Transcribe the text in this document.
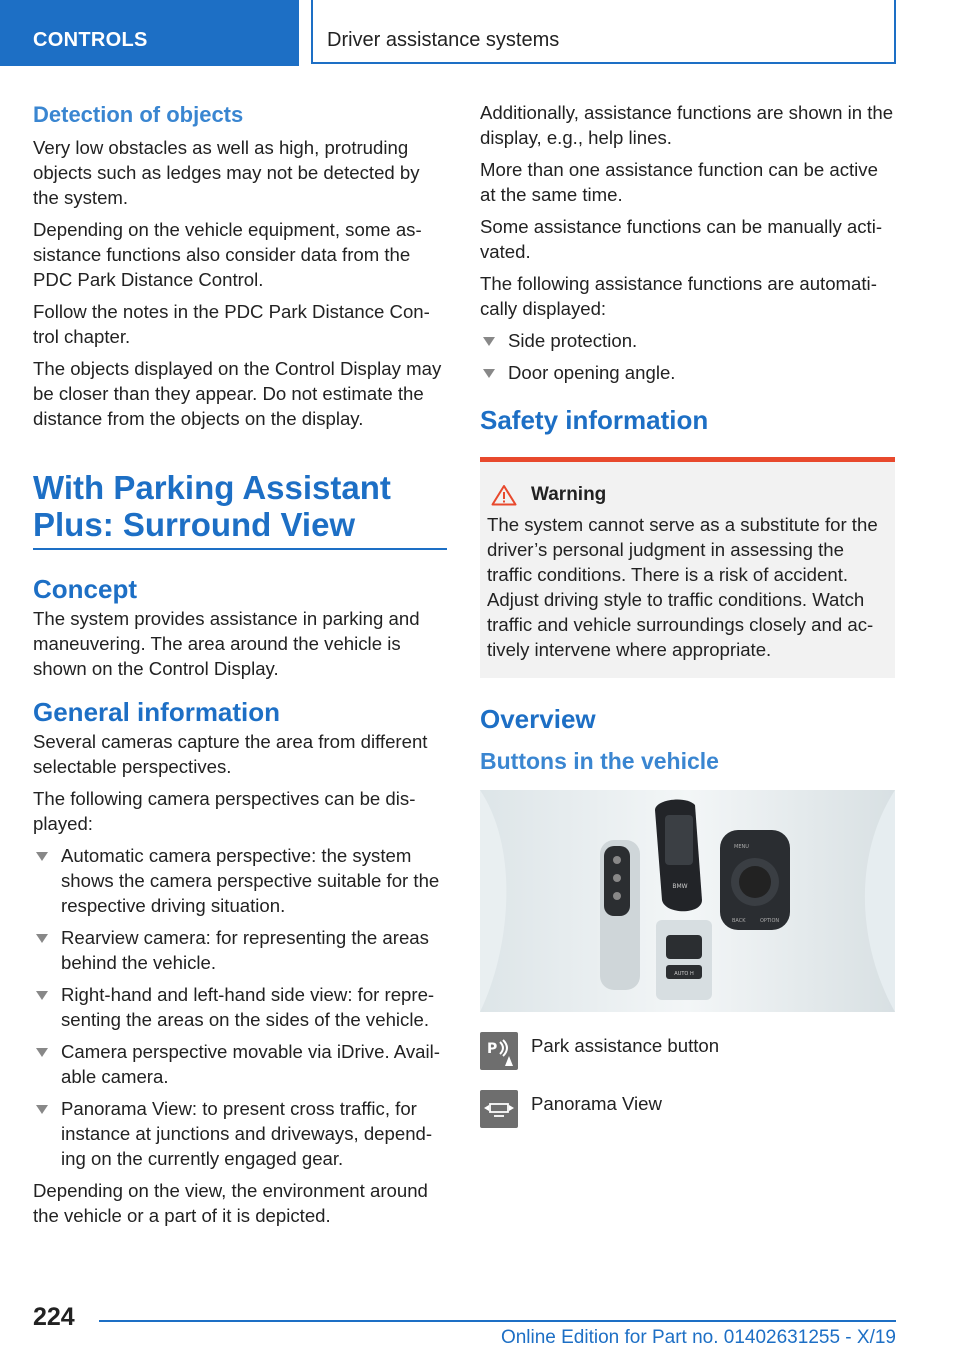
CONTROLS	Driver assistance systems
Detection of objects

Very low obstacles as well as high, protruding objects such as ledges may not be detected by the system.

Depending on the vehicle equipment, some assistance functions also consider data from the PDC Park Distance Control.

Follow the notes in the PDC Park Distance Control chapter.

The objects displayed on the Control Display may be closer than they appear. Do not estimate the distance from the objects on the display.

With Parking Assistant Plus: Surround View
Concept

The system provides assistance in parking and maneuvering. The area around the vehicle is shown on the Control Display.

General information

Several cameras capture the area from different selectable perspectives.

The following camera perspectives can be displayed:

Automatic camera perspective: the system shows the camera perspective suitable for the respective driving situation.
Rearview camera: for representing the areas behind the vehicle.
Right-hand and left-hand side view: for representing the areas on the sides of the vehicle.
Camera perspective movable via iDrive. Available camera.
Panorama View: to present cross traffic, for instance at junctions and driveways, depending on the currently engaged gear.

Depending on the view, the environment around the vehicle or a part of it is depicted.

Additionally, assistance functions are shown in the display, e.g., help lines.

More than one assistance function can be active at the same time.

Some assistance functions can be manually activated.

The following assistance functions are automatically displayed:

Side protection.
Door opening angle.
Safety information
Warning

The system cannot serve as a substitute for the driver’s personal judgment in assessing the traffic conditions. There is a risk of accident. Adjust driving style to traffic conditions. Watch traffic and vehicle surroundings closely and actively intervene where appropriate.

Overview
Buttons in the vehicle
BMW
AUTO H
MENU
BACK	OPTION
P Park assistance button
Panorama View
224
Online Edition for Part no. 01402631255 - X/19
